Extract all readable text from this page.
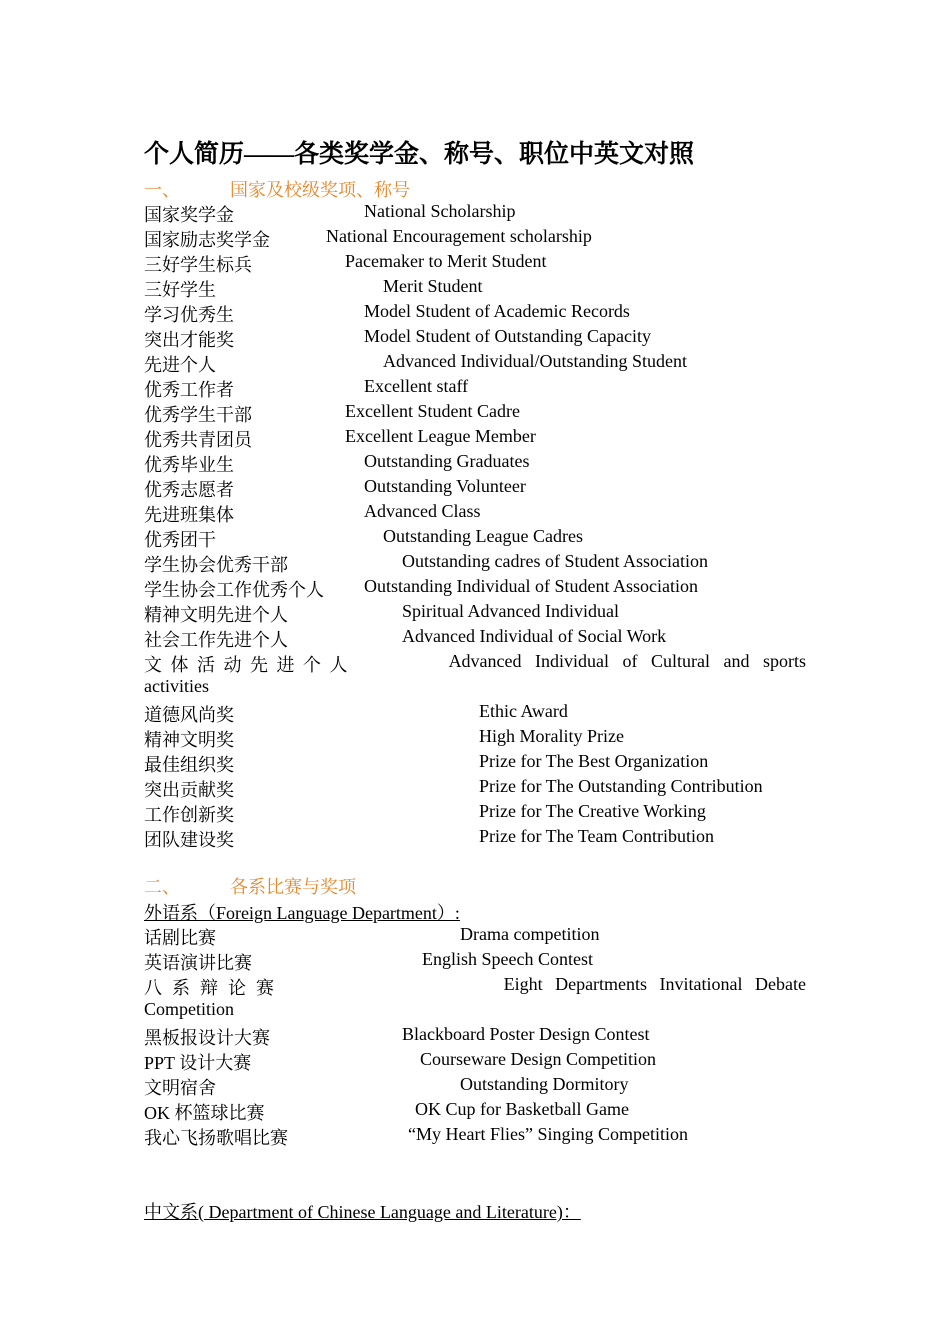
个人简历——各类奖学金、称号、职位中英文对照
一、	国家及校级奖项、称号
国家奖学金	National Scholarship
国家励志奖学金	National Encouragement scholarship
三好学生标兵	Pacemaker to Merit Student
三好学生	Merit Student
学习优秀生	Model Student of Academic Records
突出才能奖	Model Student of Outstanding Capacity
先进个人	Advanced Individual/Outstanding Student
优秀工作者	Excellent staff
优秀学生干部	Excellent Student Cadre
优秀共青团员	Excellent League Member
优秀毕业生	Outstanding Graduates
优秀志愿者	Outstanding Volunteer
先进班集体	Advanced Class
优秀团干	Outstanding League Cadres
学生协会优秀干部	Outstanding cadres of Student Association
学生协会工作优秀个人 Outstanding Individual of Student Association
精神文明先进个人	Spiritual Advanced Individual
社会工作先进个人	Advanced Individual of Social Work
文体活动先进个人	Advanced Individual of Cultural and sports
activities
道德风尚奖	Ethic Award
精神文明奖	High Morality Prize
最佳组织奖	Prize for The Best Organization
突出贡献奖	Prize for The Outstanding Contribution
工作创新奖	Prize for The Creative Working
团队建设奖	Prize for The Team Contribution
二、	各系比赛与奖项
外语系（Foreign Language Department）:
话剧比赛	Drama competition
英语演讲比赛	English Speech Contest
八系辩论赛	Eight Departments Invitational Debate
Competition
黑板报设计大赛	Blackboard Poster Design Contest
PPT 设计大赛	Courseware Design Competition
文明宿舍	Outstanding Dormitory
OK 杯篮球比赛	OK Cup for Basketball Game
我心飞扬歌唱比赛	“My Heart Flies” Singing Competition
中文系( Department of Chinese Language and Literature)：
